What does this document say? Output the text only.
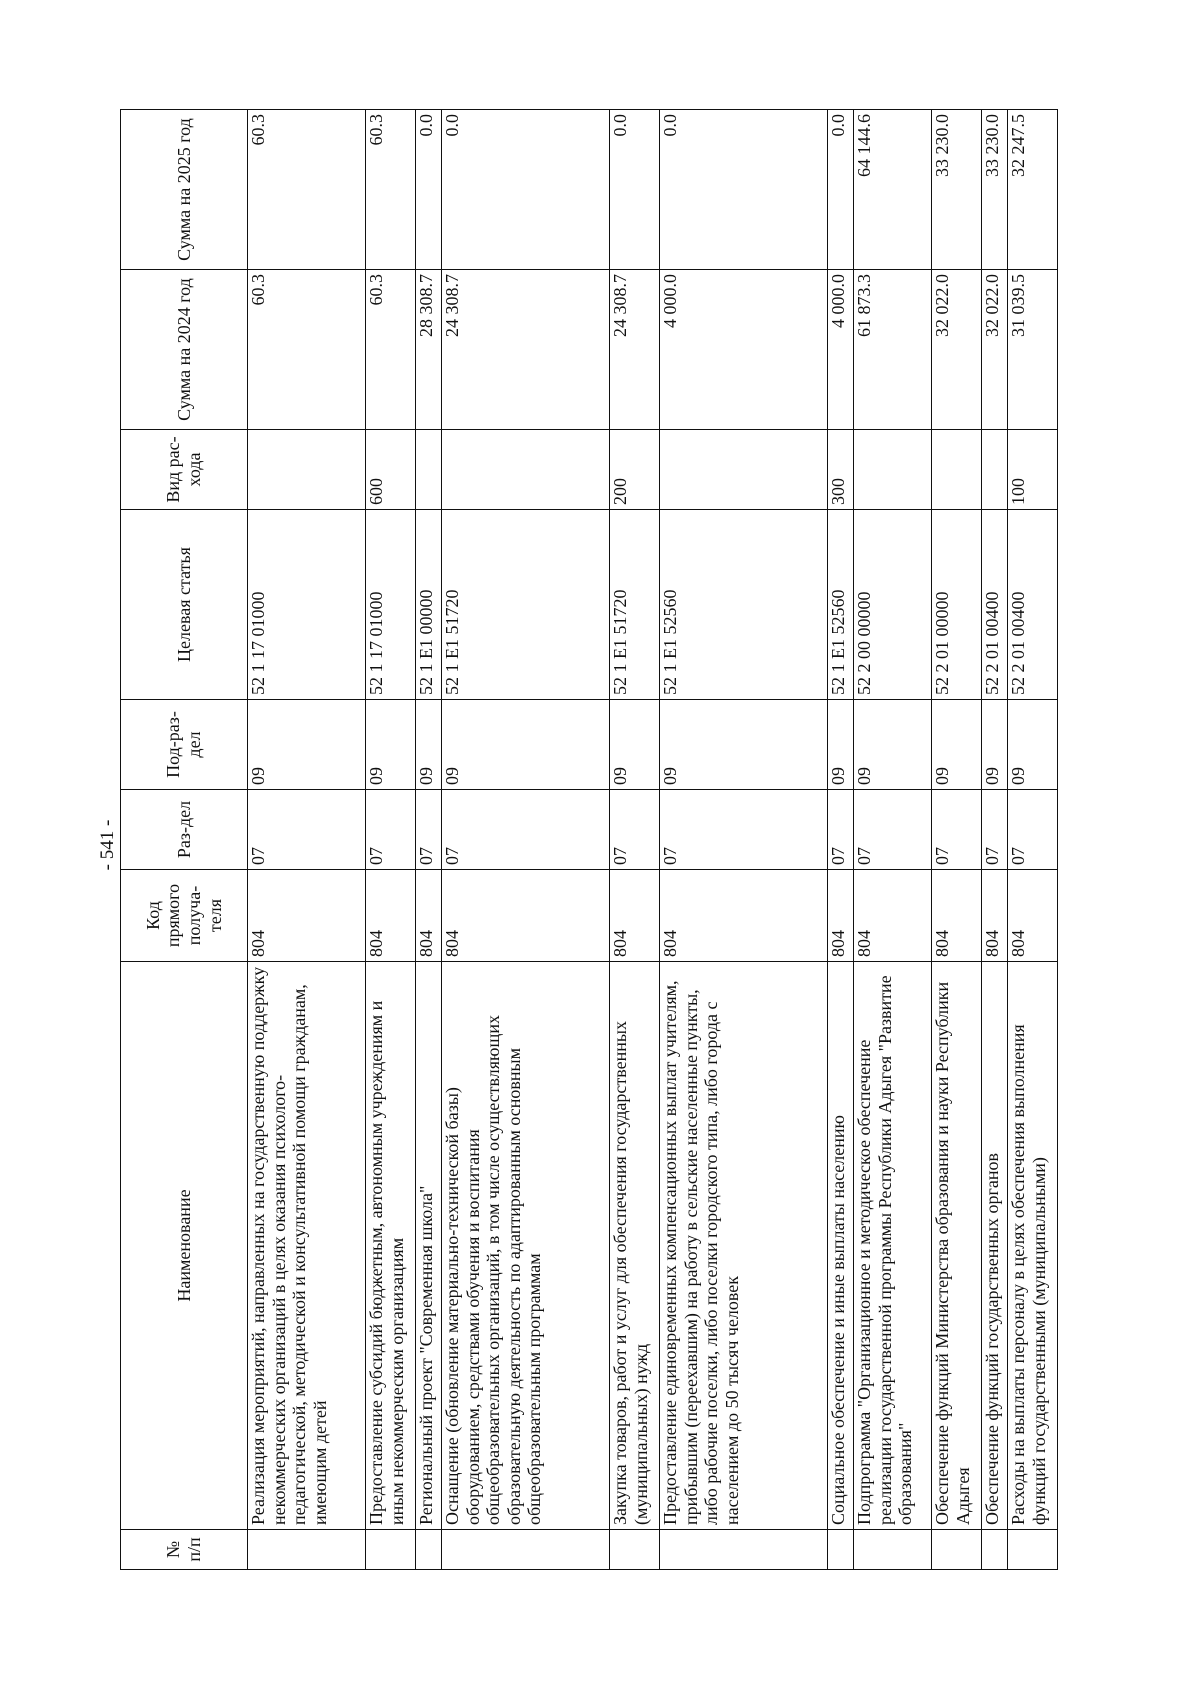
- 541 -
№ п/п	Наименование	Код прямого получа-теля	Раз-дел	Под-раз-дел	Целевая статья	Вид рас-хода	Сумма на 2024 год	Сумма на 2025 год
	Реализация мероприятий, направленных на государственную поддержку некоммерческих организаций в целях оказания психолого-педагогической, методической и консультативной помощи гражданам, имеющим детей	804	07	09	52 1 17 01000		60.3	60.3
	Предоставление субсидий бюджетным, автономным учреждениям и иным некоммерческим организациям	804	07	09	52 1 17 01000	600	60.3	60.3
	Региональный проект "Современная школа"	804	07	09	52 1 E1 00000		28 308.7	0.0
	Оснащение (обновление материально-технической базы) оборудованием, средствами обучения и воспитания общеобразовательных организаций, в том числе осуществляющих образовательную деятельность по адаптированным основным общеобразовательным программам	804	07	09	52 1 E1 51720		24 308.7	0.0
	Закупка товаров, работ и услуг для обеспечения государственных (муниципальных) нужд	804	07	09	52 1 E1 51720	200	24 308.7	0.0
	Предоставление единовременных компенсационных выплат учителям, прибывшим (переехавшим) на работу в сельские населенные пункты, либо рабочие поселки, либо поселки городского типа, либо города с населением до 50 тысяч человек	804	07	09	52 1 E1 52560		4 000.0	0.0
	Социальное обеспечение и иные выплаты населению	804	07	09	52 1 E1 52560	300	4 000.0	0.0
	Подпрограмма "Организационное и методическое обеспечение реализации государственной программы Республики Адыгея "Развитие образования"	804	07	09	52 2 00 00000		61 873.3	64 144.6
	Обеспечение функций Министерства образования и науки Республики Адыгея	804	07	09	52 2 01 00000		32 022.0	33 230.0
	Обеспечение функций государственных органов	804	07	09	52 2 01 00400		32 022.0	33 230.0
	Расходы на выплаты персоналу в целях обеспечения выполнения функций государственными (муниципальными)	804	07	09	52 2 01 00400	100	31 039.5	32 247.5
